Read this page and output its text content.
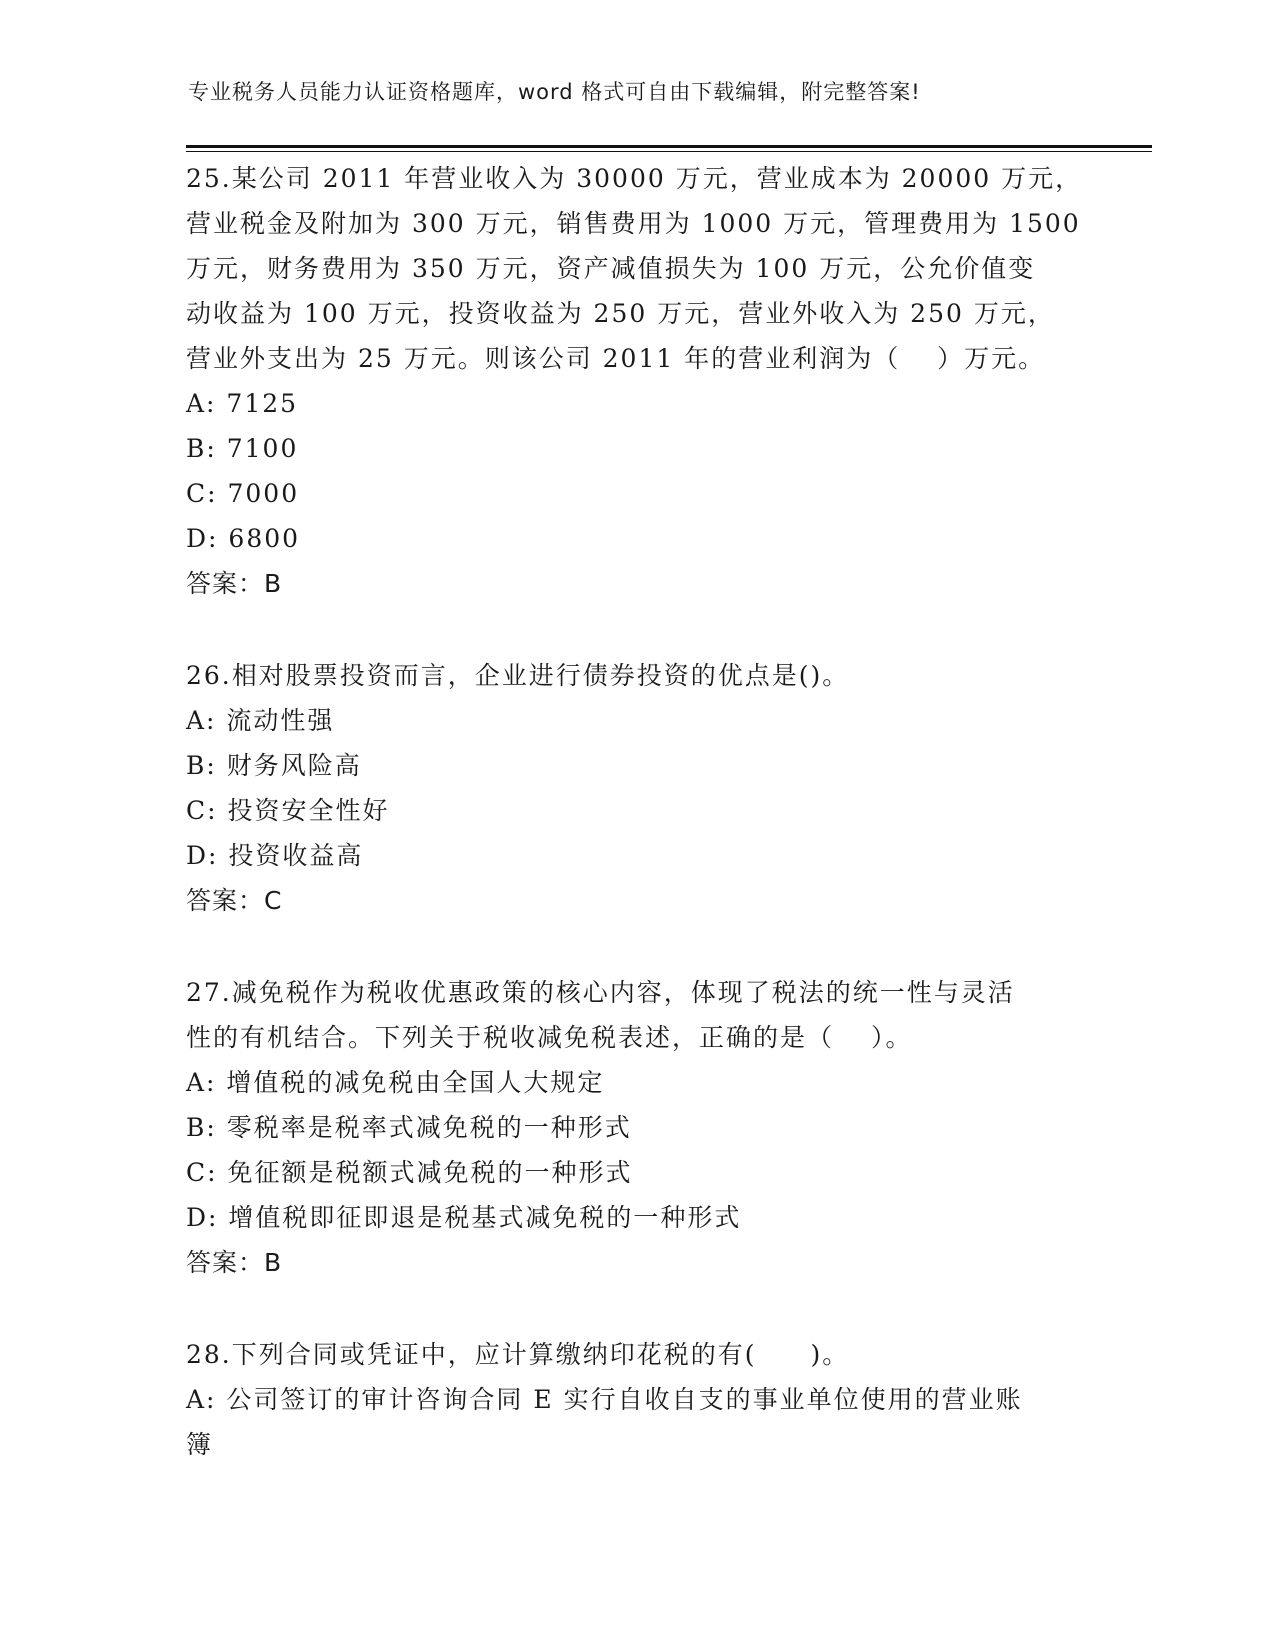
专业税务人员能力认证资格题库，word 格式可自由下载编辑，附完整答案!
25.某公司 2011 年营业收入为 30000 万元，营业成本为 20000 万元，
营业税金及附加为 300 万元，销售费用为 1000 万元，管理费用为 1500
万元，财务费用为 350 万元，资产减值损失为 100 万元，公允价值变
动收益为 100 万元，投资收益为 250 万元，营业外收入为 250 万元，
营业外支出为 25 万元。则该公司 2011 年的营业利润为（　 ）万元。
A: 7125
B: 7100
C: 7000
D: 6800
答案：B
26.相对股票投资而言，企业进行债券投资的优点是()。
A: 流动性强
B: 财务风险高
C: 投资安全性好
D: 投资收益高
答案：C
27.减免税作为税收优惠政策的核心内容，体现了税法的统一性与灵活
性的有机结合。下列关于税收减免税表述，正确的是（　 ）。
A: 增值税的减免税由全国人大规定
B: 零税率是税率式减免税的一种形式
C: 免征额是税额式减免税的一种形式
D: 增值税即征即退是税基式减免税的一种形式
答案：B
28.下列合同或凭证中，应计算缴纳印花税的有(　　)。
A: 公司签订的审计咨询合同 E 实行自收自支的事业单位使用的营业账
簿
